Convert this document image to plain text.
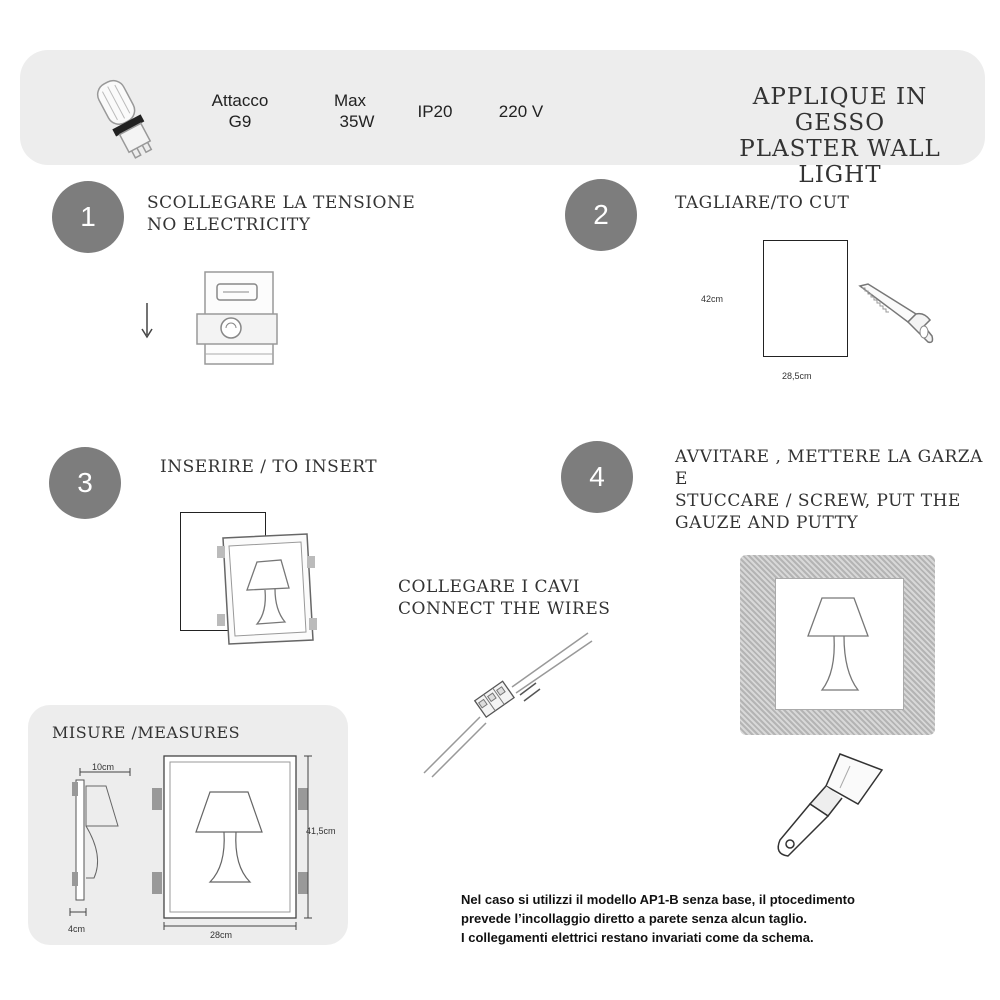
Attacco
G9
Max
35W
IP20	220 V
APPLIQUE IN GESSO
PLASTER WALL LIGHT
1	SCOLLEGARE LA TENSIONE
NO ELECTRICITY	2	TAGLIARE/TO CUT
42cm
28,5cm
3	INSERIRE / TO INSERT	4
AVVITARE , METTERE LA GARZA E
STUCCARE / SCREW, PUT THE
GAUZE AND PUTTY
COLLEGARE I CAVI
CONNECT THE WIRES
MISURE /MEASURES
10cm
4cm
28cm
41,5cm
Nel caso si utilizzi il modello AP1-B senza base, il ptocedimento
prevede l’incollaggio diretto a parete senza alcun taglio.
I collegamenti elettrici restano invariati come da schema.
